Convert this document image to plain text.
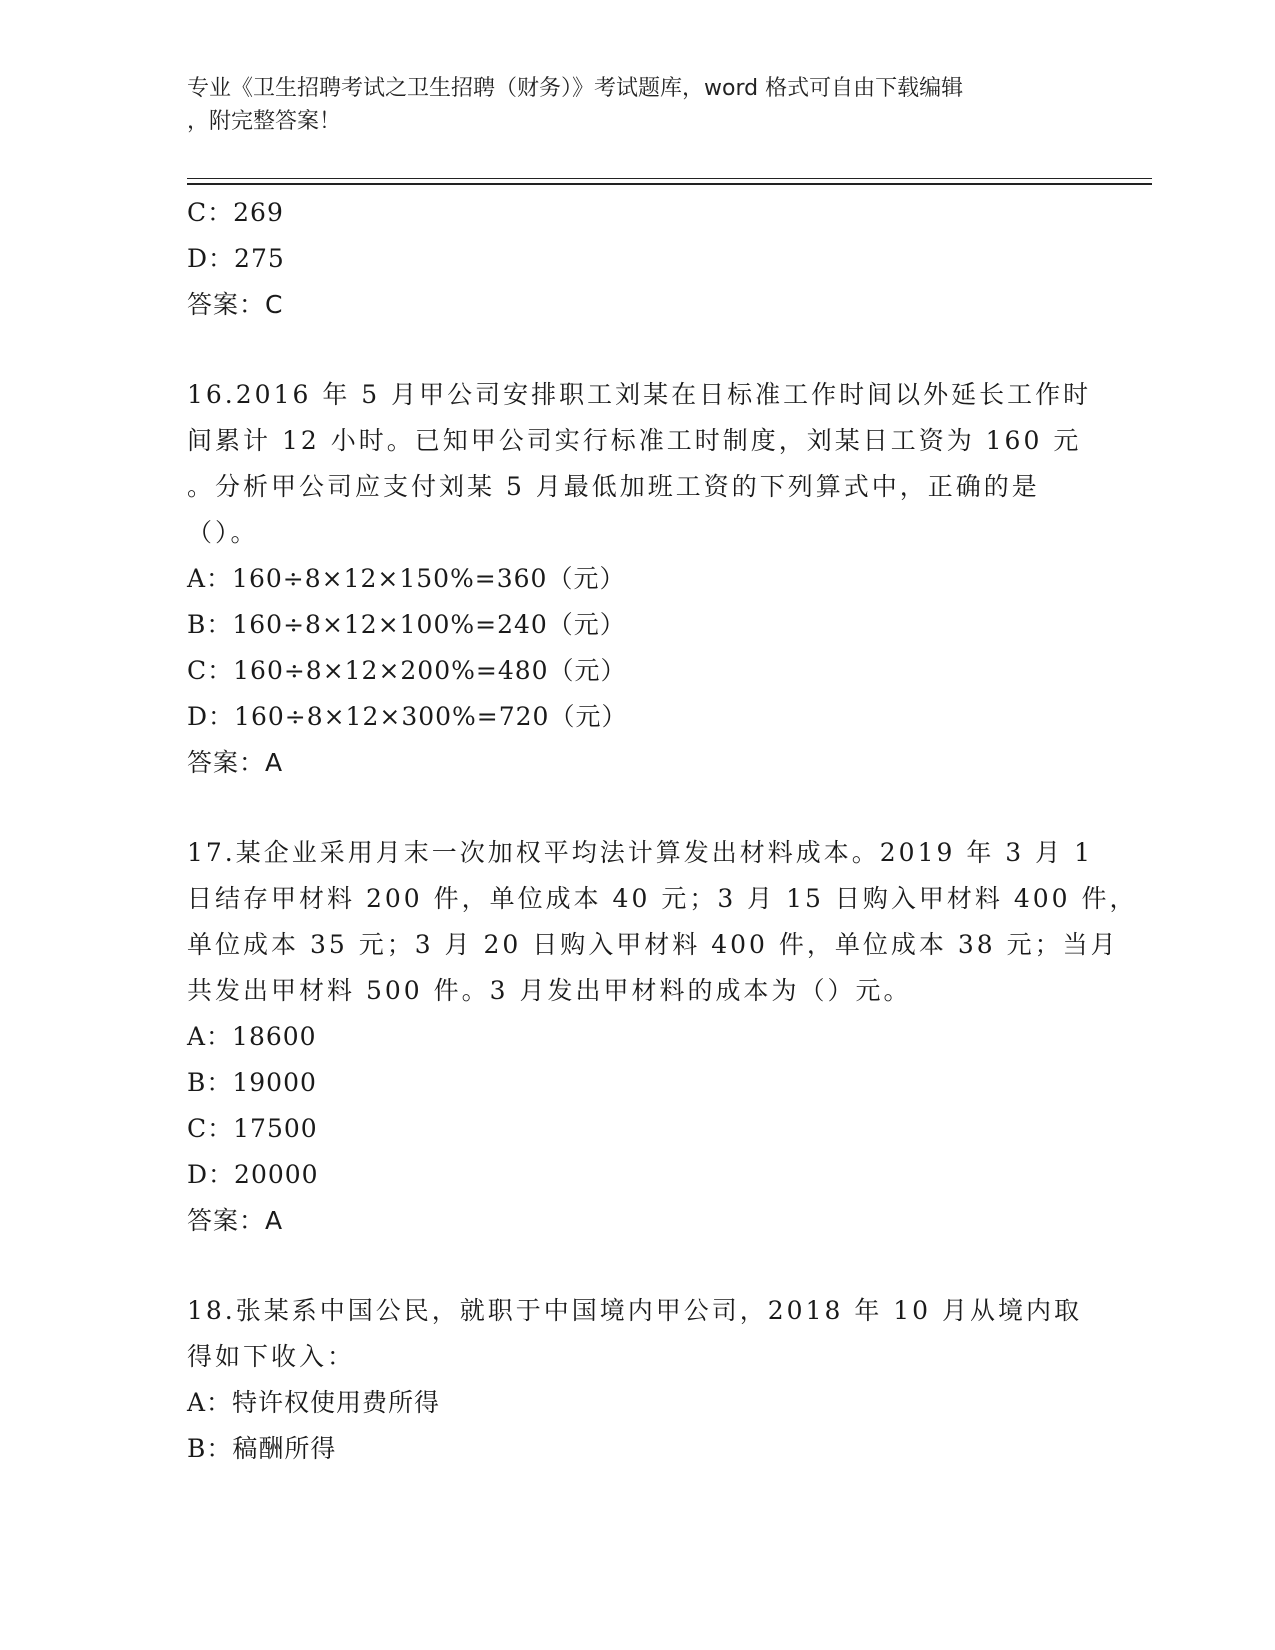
专业《卫生招聘考试之卫生招聘（财务）》考试题库，word 格式可自由下载编辑
，附完整答案！
C：269
D：275
答案：C
16.2016 年 5 月甲公司安排职工刘某在日标准工作时间以外延长工作时
间累计 12 小时。已知甲公司实行标准工时制度，刘某日工资为 160 元
。分析甲公司应支付刘某 5 月最低加班工资的下列算式中，正确的是
（）。
A：160÷8×12×150%=360（元）
B：160÷8×12×100%=240（元）
C：160÷8×12×200%=480（元）
D：160÷8×12×300%=720（元）
答案：A
17.某企业采用月末一次加权平均法计算发出材料成本。2019 年 3 月 1
日结存甲材料 200 件，单位成本 40 元；3 月 15 日购入甲材料 400 件，
单位成本 35 元；3 月 20 日购入甲材料 400 件，单位成本 38 元；当月
共发出甲材料 500 件。3 月发出甲材料的成本为（）元。
A：18600
B：19000
C：17500
D：20000
答案：A
18.张某系中国公民，就职于中国境内甲公司，2018 年 10 月从境内取
得如下收入：
A：特许权使用费所得
B：稿酬所得
